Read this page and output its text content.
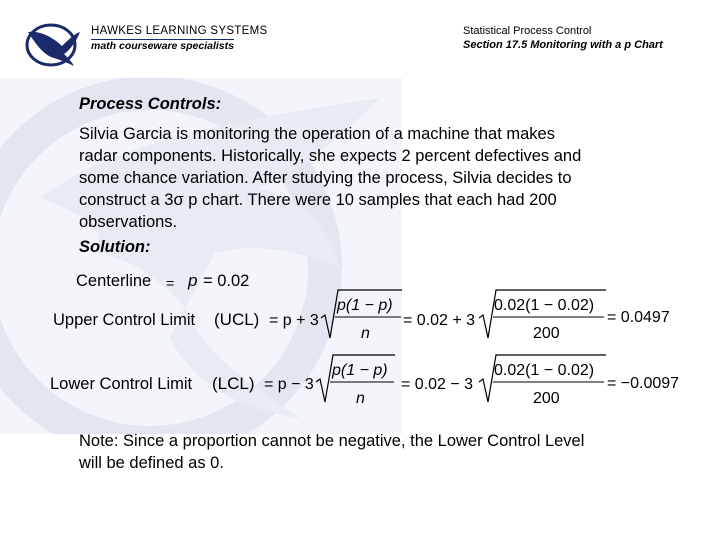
HAWKES LEARNING SYSTEMS
math courseware specialists
Statistical Process Control
Section 17.5 Monitoring with a p Chart
Process Controls:
Silvia Garcia is monitoring the operation of a machine that makes
radar components. Historically, she expects 2 percent defectives and
some chance variation. After studying the process, Silvia decides to
construct a 3σ p chart. There were 10 samples that each had 200
observations.
Solution:
Centerline = p = 0.02
Upper Control Limit (UCL) = p + 3
p(1 − p)
n
= 0.02 + 3
0.02(1 − 0.02)
200
= 0.0497
Lower Control Limit (LCL) = p − 3
p(1 − p)
n
= 0.02 − 3
0.02(1 − 0.02)
200
= −0.0097
Note: Since a proportion cannot be negative, the Lower Control Level
will be defined as 0.
